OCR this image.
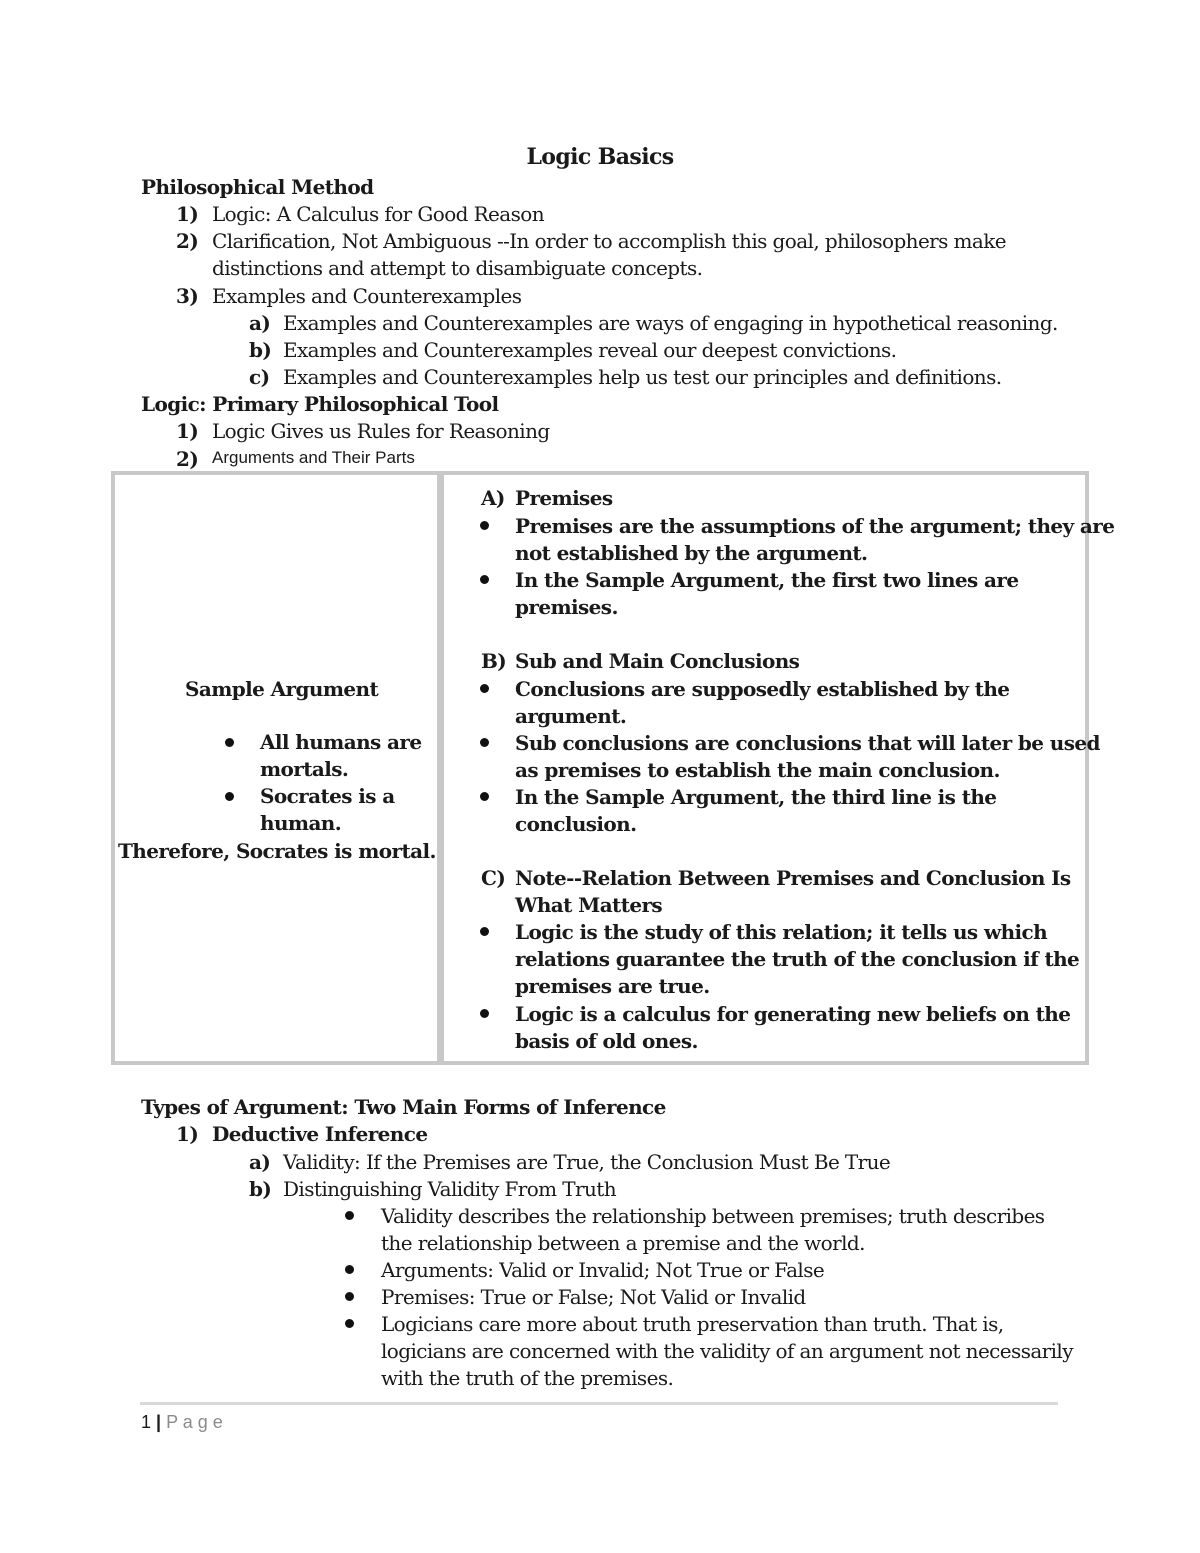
Logic Basics
Philosophical Method
1) Logic: A Calculus for Good Reason
2) Clarification, Not Ambiguous --In order to accomplish this goal, philosophers make
distinctions and attempt to disambiguate concepts.
3) Examples and Counterexamples
a) Examples and Counterexamples are ways of engaging in hypothetical reasoning.
b) Examples and Counterexamples reveal our deepest convictions.
c) Examples and Counterexamples help us test our principles and definitions.
Logic: Primary Philosophical Tool
1) Logic Gives us Rules for Reasoning
2) Arguments and Their Parts
Sample Argument
All humans are
mortals.
Socrates is a
human.
Therefore, Socrates is mortal.
A) Premises
Premises are the assumptions of the argument; they are
not established by the argument.
In the Sample Argument, the first two lines are
premises.
B) Sub and Main Conclusions
Conclusions are supposedly established by the
argument.
Sub conclusions are conclusions that will later be used
as premises to establish the main conclusion.
In the Sample Argument, the third line is the
conclusion.
C) Note--Relation Between Premises and Conclusion Is
What Matters
Logic is the study of this relation; it tells us which
relations guarantee the truth of the conclusion if the
premises are true.
Logic is a calculus for generating new beliefs on the
basis of old ones.
Types of Argument: Two Main Forms of Inference
1) Deductive Inference
a) Validity: If the Premises are True, the Conclusion Must Be True
b) Distinguishing Validity From Truth
Validity describes the relationship between premises; truth describes
the relationship between a premise and the world.
Arguments: Valid or Invalid; Not True or False
Premises: True or False; Not Valid or Invalid
Logicians care more about truth preservation than truth. That is,
logicians are concerned with the validity of an argument not necessarily
with the truth of the premises.
1 | P a g e
